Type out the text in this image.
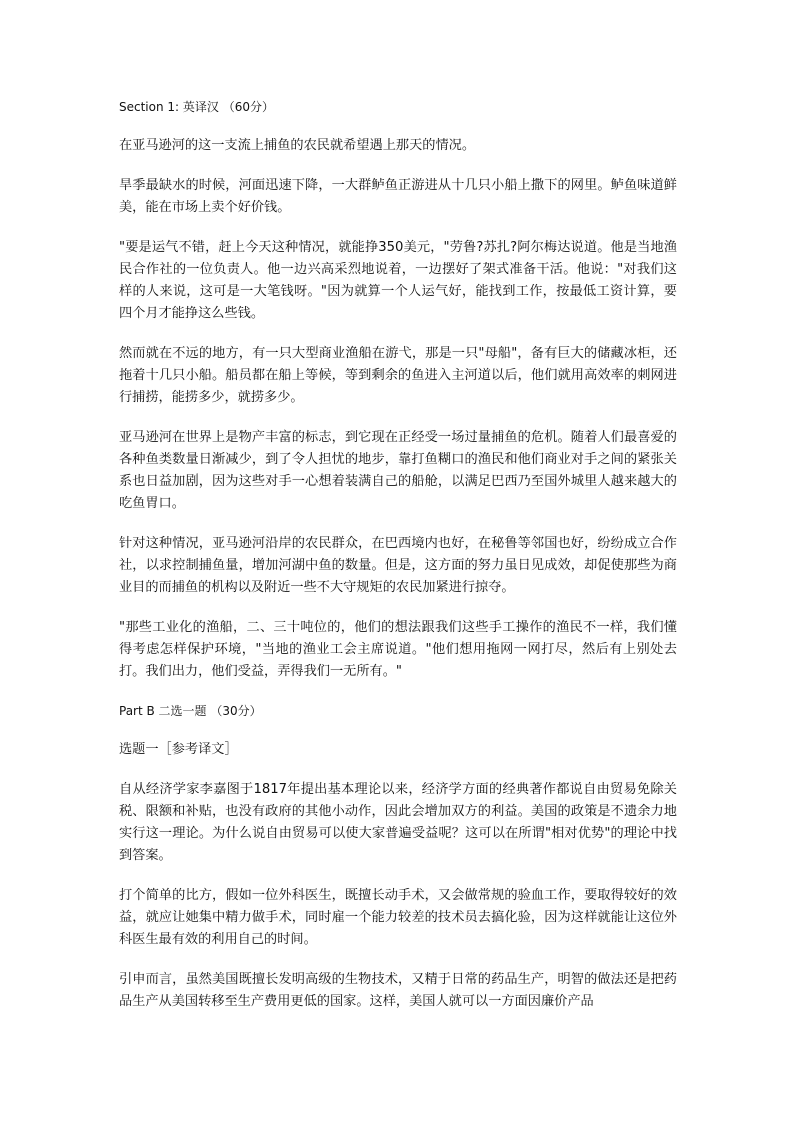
Section 1: 英译汉 （60分）

在亚马逊河的这一支流上捕鱼的农民就希望遇上那天的情况。

旱季最缺水的时候，河面迅速下降，一大群鲈鱼正游进从十几只小船上撒下的网里。鲈鱼味道鲜美，能在市场上卖个好价钱。

"要是运气不错，赶上今天这种情况，就能挣350美元，"劳鲁?苏扎?阿尔梅达说道。他是当地渔民合作社的一位负责人。他一边兴高采烈地说着，一边摆好了架式准备干活。他说："对我们这样的人来说，这可是一大笔钱呀。"因为就算一个人运气好，能找到工作，按最低工资计算，要四个月才能挣这么些钱。

然而就在不远的地方，有一只大型商业渔船在游弋，那是一只"母船"，备有巨大的储藏冰柜，还拖着十几只小船。船员都在船上等候，等到剩余的鱼进入主河道以后，他们就用高效率的刺网进行捕捞，能捞多少，就捞多少。

亚马逊河在世界上是物产丰富的标志，到它现在正经受一场过量捕鱼的危机。随着人们最喜爱的各种鱼类数量日渐减少，到了令人担忧的地步，靠打鱼糊口的渔民和他们商业对手之间的紧张关系也日益加剧，因为这些对手一心想着装满自己的船舱，以满足巴西乃至国外城里人越来越大的吃鱼胃口。

针对这种情况，亚马逊河沿岸的农民群众，在巴西境内也好，在秘鲁等邻国也好，纷纷成立合作社，以求控制捕鱼量，增加河湖中鱼的数量。但是，这方面的努力虽日见成效，却促使那些为商业目的而捕鱼的机构以及附近一些不大守规矩的农民加紧进行掠夺。

"那些工业化的渔船，二、三十吨位的，他们的想法跟我们这些手工操作的渔民不一样，我们懂得考虑怎样保护环境，"当地的渔业工会主席说道。"他们想用拖网一网打尽，然后有上别处去打。我们出力，他们受益，弄得我们一无所有。"

Part B 二选一题 （30分）

选题一［参考译文］

自从经济学家李嘉图于1817年提出基本理论以来，经济学方面的经典著作都说自由贸易免除关税、限额和补贴，也没有政府的其他小动作，因此会增加双方的利益。美国的政策是不遗余力地实行这一理论。为什么说自由贸易可以使大家普遍受益呢？这可以在所谓"相对优势"的理论中找到答案。

打个简单的比方，假如一位外科医生，既擅长动手术，又会做常规的验血工作，要取得较好的效益，就应让她集中精力做手术，同时雇一个能力较差的技术员去搞化验，因为这样就能让这位外科医生最有效的利用自己的时间。

引申而言，虽然美国既擅长发明高级的生物技术，又精于日常的药品生产，明智的做法还是把药品生产从美国转移至生产费用更低的国家。这样，美国人就可以一方面因廉价产品
